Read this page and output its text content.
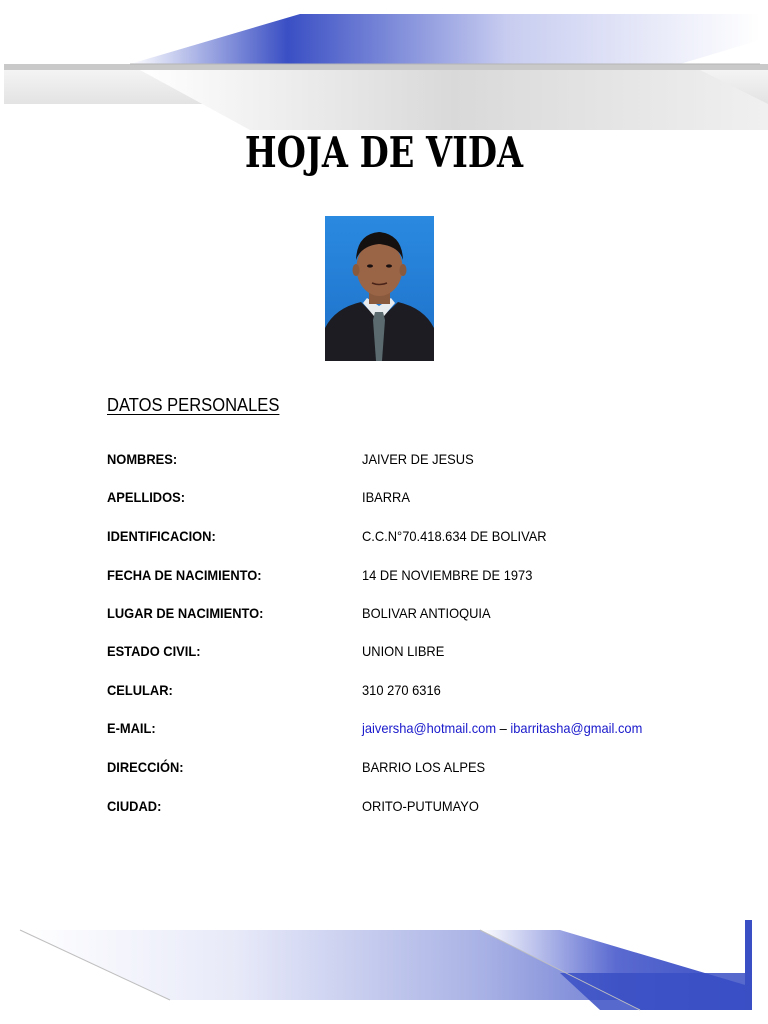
HOJA DE VIDA
DATOS PERSONALES
NOMBRES:	JAIVER DE JESUS
APELLIDOS:	IBARRA
IDENTIFICACION:	C.C.N°70.418.634 DE BOLIVAR
FECHA DE NACIMIENTO:	14 DE NOVIEMBRE DE 1973
LUGAR DE NACIMIENTO:	BOLIVAR ANTIOQUIA
ESTADO CIVIL:	UNION LIBRE
CELULAR:	310 270 6316
E-MAIL:	jaiversha@hotmail.com – ibarritasha@gmail.com
DIRECCIÓN:	BARRIO LOS ALPES
CIUDAD:	ORITO-PUTUMAYO
